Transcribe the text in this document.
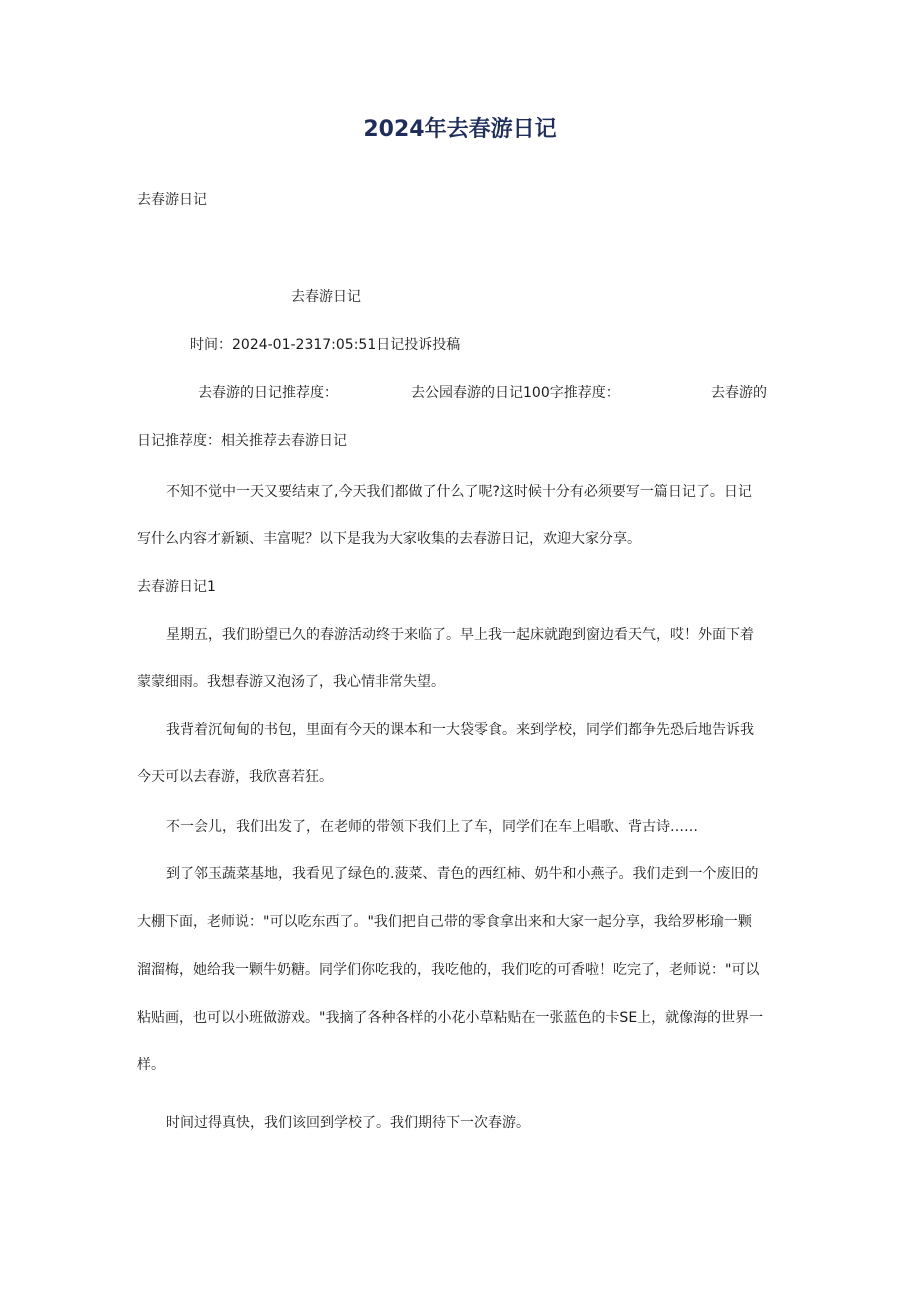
2024年去春游日记
去春游日记
去春游日记
时间：2024-01-2317:05:51日记投诉投稿
去春游的日记推荐度：	去公园春游的日记100字推荐度：	去春游的
日记推荐度：相关推荐去春游日记
不知不觉中一天又要结束了,今天我们都做了什么了呢?这时候十分有必须要写一篇日记了。日记
写什么内容才新颖、丰富呢？以下是我为大家收集的去春游日记，欢迎大家分享。
去春游日记1
星期五，我们盼望已久的春游活动终于来临了。早上我一起床就跑到窗边看天气，哎！外面下着
蒙蒙细雨。我想春游又泡汤了，我心情非常失望。
我背着沉甸甸的书包，里面有今天的课本和一大袋零食。来到学校，同学们都争先恐后地告诉我
今天可以去春游，我欣喜若狂。
不一会儿，我们出发了，在老师的带领下我们上了车，同学们在车上唱歌、背古诗……
到了邻玉蔬菜基地，我看见了绿色的.菠菜、青色的西红柿、奶牛和小燕子。我们走到一个废旧的
大棚下面，老师说："可以吃东西了。"我们把自己带的零食拿出来和大家一起分享，我给罗彬瑜一颗
溜溜梅，她给我一颗牛奶糖。同学们你吃我的，我吃他的，我们吃的可香啦！吃完了，老师说："可以
粘贴画，也可以小班做游戏。"我摘了各种各样的小花小草粘贴在一张蓝色的卡SE上，就像海的世界一
样。
时间过得真快，我们该回到学校了。我们期待下一次春游。
